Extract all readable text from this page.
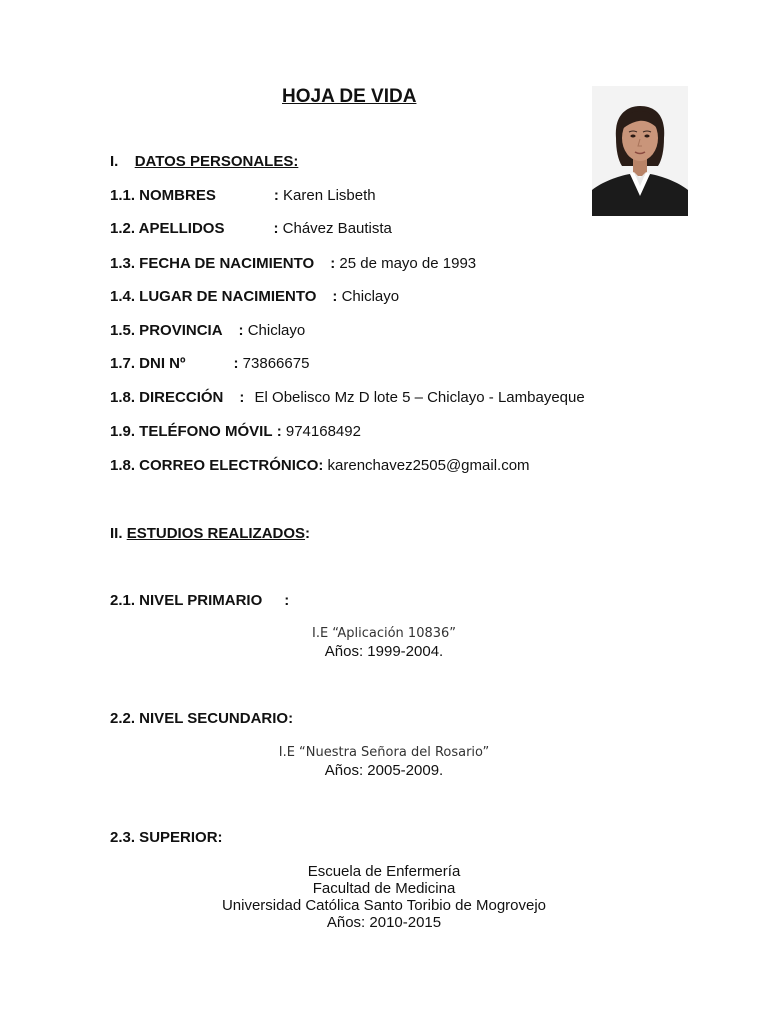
HOJA DE VIDA
I. DATOS PERSONALES:
1.1. NOMBRES	: Karen Lisbeth
1.2. APELLIDOS	: Chávez Bautista
1.3. FECHA DE NACIMIENTO : 25 de mayo de 1993
1.4. LUGAR DE NACIMIENTO : Chiclayo
1.5. PROVINCIA : Chiclayo
1.7. DNI Nº	: 73866675
1.8. DIRECCIÓN : El Obelisco Mz D lote 5 – Chiclayo - Lambayeque
1.9. TELÉFONO MÓVIL : 974168492
1.8. CORREO ELECTRÓNICO: karenchavez2505@gmail.com
II. ESTUDIOS REALIZADOS:
2.1. NIVEL PRIMARIO :
I.E “Aplicación 10836”
Años: 1999-2004.
2.2. NIVEL SECUNDARIO:
I.E “Nuestra Señora del Rosario”
Años: 2005-2009.
2.3. SUPERIOR:
Escuela de Enfermería
Facultad de Medicina
Universidad Católica Santo Toribio de Mogrovejo
Años: 2010-2015
